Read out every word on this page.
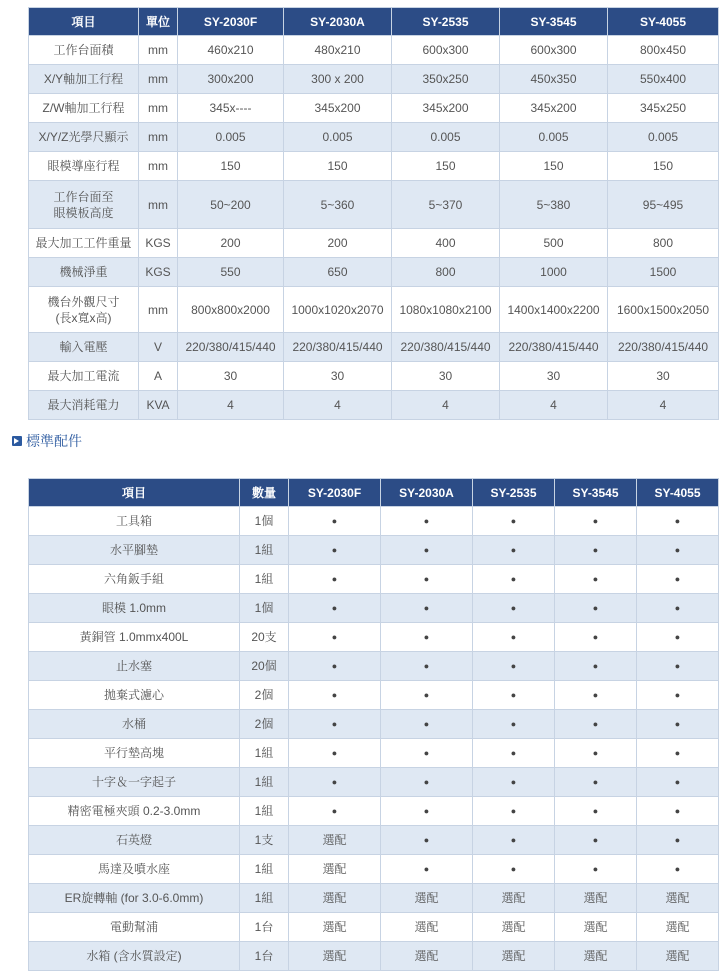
項目	單位	SY-2030F	SY-2030A	SY-2535	SY-3545	SY-4055
工作台面積	mm	460x210	480x210	600x300	600x300	800x450
X/Y軸加工行程	mm	300x200	300 x 200	350x250	450x350	550x400
Z/W軸加工行程	mm	345x----	345x200	345x200	345x200	345x250
X/Y/Z光學尺顯示	mm	0.005	0.005	0.005	0.005	0.005
眼模導座行程	mm	150	150	150	150	150
工作台面至
眼模板高度	mm	50~200	5~360	5~370	5~380	95~495
最大加工工件重量	KGS	200	200	400	500	800
機械淨重	KGS	550	650	800	1000	1500
機台外觀尺寸
(長x寬x高)	mm	800x800x2000	1000x1020x2070	1080x1080x2100	1400x1400x2200	1600x1500x2050
輸入電壓	V	220/380/415/440	220/380/415/440	220/380/415/440	220/380/415/440	220/380/415/440
最大加工電流	A	30	30	30	30	30
最大消耗電力	KVA	4	4	4	4	4
標準配件
項目	數量	SY-2030F	SY-2030A	SY-2535	SY-3545	SY-4055
工具箱	1個	●	●	●	●	●
水平腳墊	1組	●	●	●	●	●
六角鈑手組	1組	●	●	●	●	●
眼模 1.0mm	1個	●	●	●	●	●
黃銅管 1.0mmx400L	20支	●	●	●	●	●
止水塞	20個	●	●	●	●	●
拋棄式濾心	2個	●	●	●	●	●
水桶	2個	●	●	●	●	●
平行墊高塊	1組	●	●	●	●	●
十字＆一字起子	1組	●	●	●	●	●
精密電極夾頭 0.2-3.0mm	1組	●	●	●	●	●
石英燈	1支	選配	●	●	●	●
馬達及噴水座	1組	選配	●	●	●	●
ER旋轉軸 (for 3.0-6.0mm)	1組	選配	選配	選配	選配	選配
電動幫浦	1台	選配	選配	選配	選配	選配
水箱 (含水質設定)	1台	選配	選配	選配	選配	選配
